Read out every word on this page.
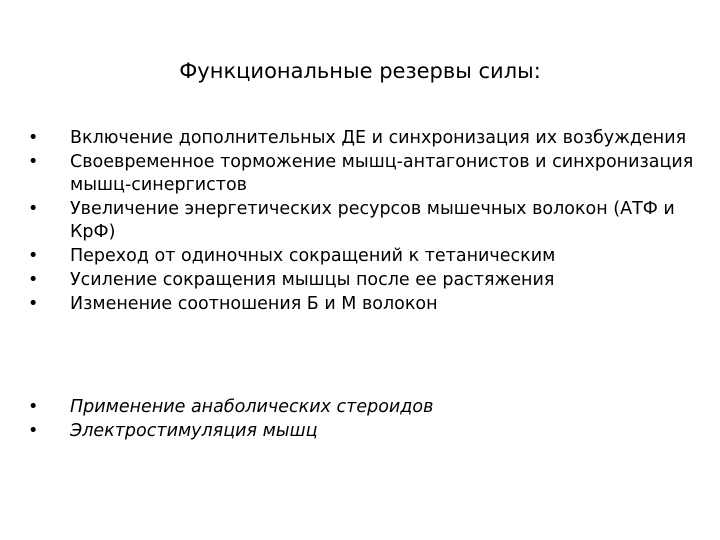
Функциональные резервы силы:
• Включение дополнительных ДЕ и синхронизация их возбуждения
• Своевременное торможение мышц-антагонистов и синхронизация мышц-синергистов
• Увеличение энергетических ресурсов мышечных волокон (АТФ и КрФ)
• Переход от одиночных сокращений к тетаническим
• Усиление сокращения мышцы после ее растяжения
• Изменение соотношения Б и М волокон
• Применение анаболических стероидов
• Электростимуляция мышц
